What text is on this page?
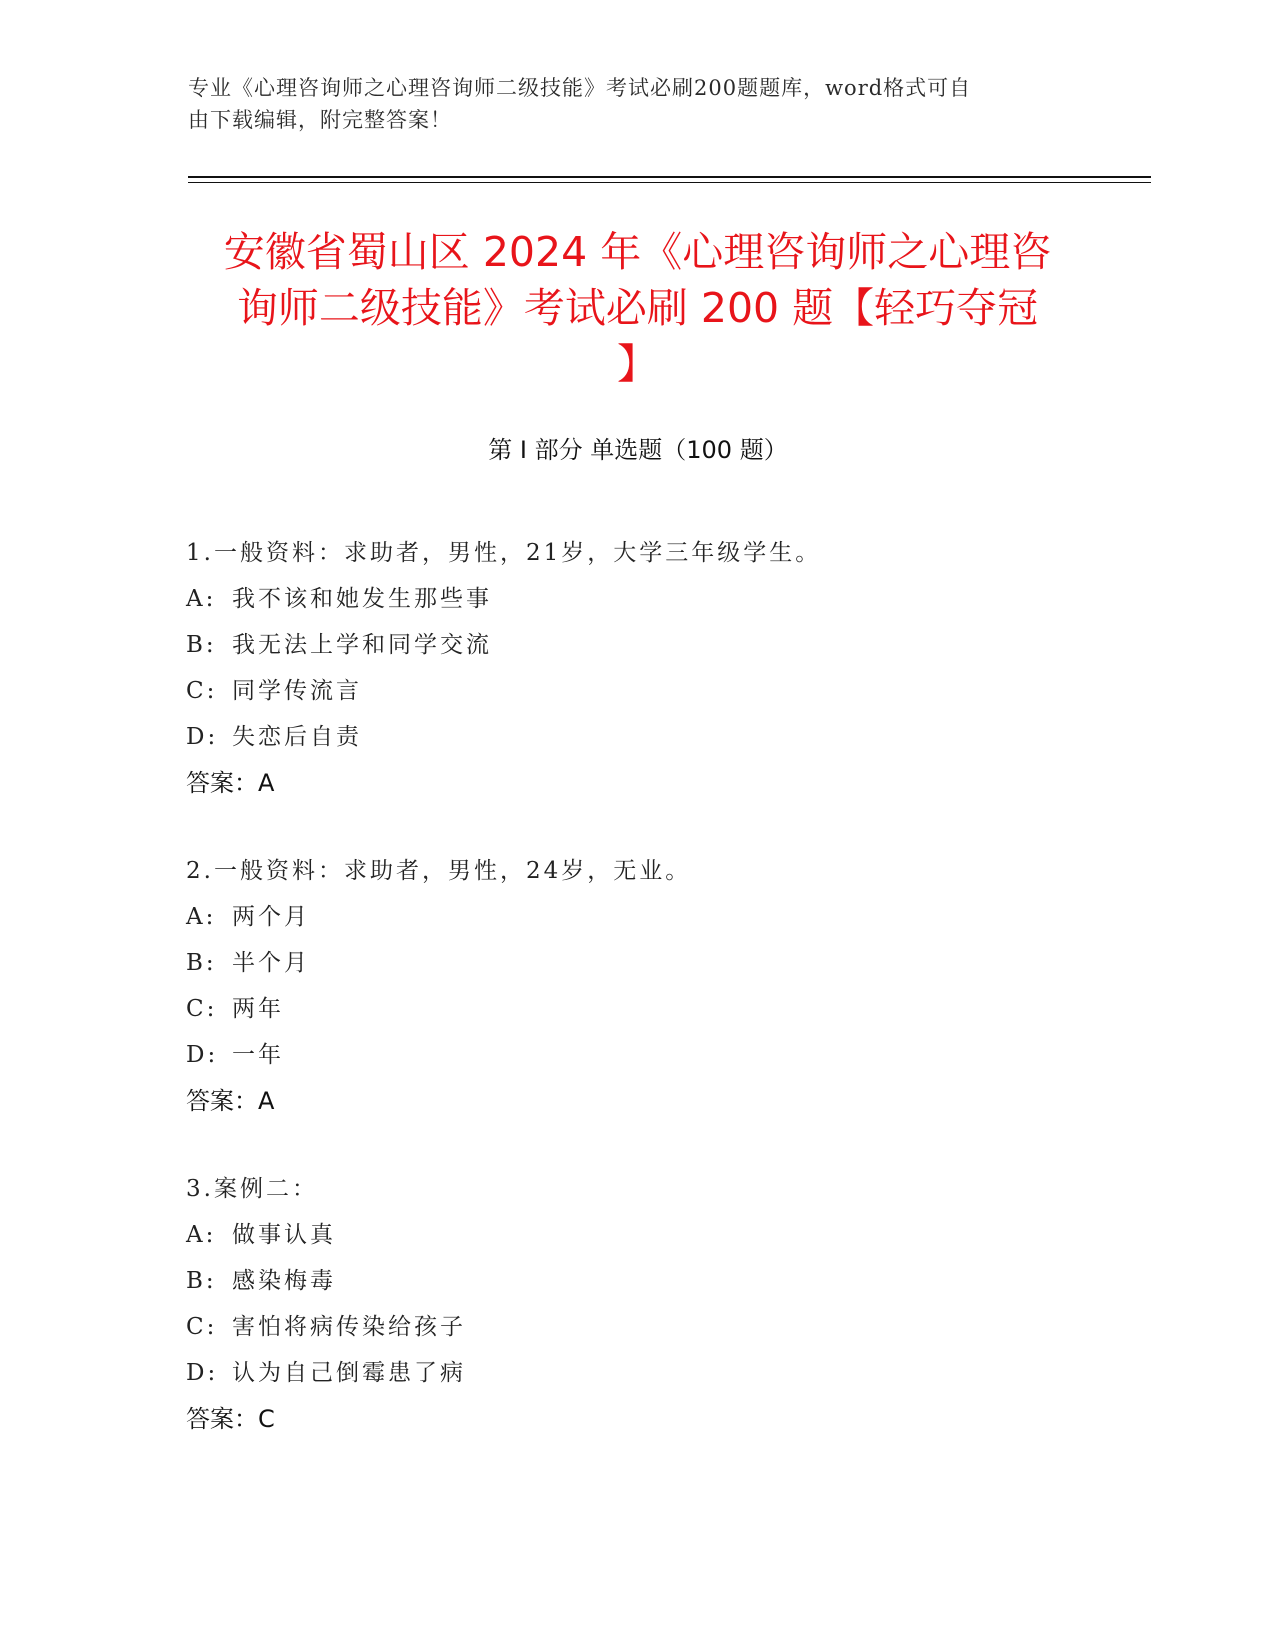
专业《心理咨询师之心理咨询师二级技能》考试必刷200题题库，word格式可自
由下载编辑，附完整答案！
安徽省蜀山区 2024 年《心理咨询师之心理咨
询师二级技能》考试必刷 200 题【轻巧夺冠
】
第 I 部分 单选题（100 题）
1.一般资料：求助者，男性，21岁，大学三年级学生。
A: 我不该和她发生那些事
B: 我无法上学和同学交流
C: 同学传流言
D: 失恋后自责
答案：A
2.一般资料：求助者，男性，24岁，无业。
A: 两个月
B: 半个月
C: 两年
D: 一年
答案：A
3.案例二：
A: 做事认真
B: 感染梅毒
C: 害怕将病传染给孩子
D: 认为自己倒霉患了病
答案：C
